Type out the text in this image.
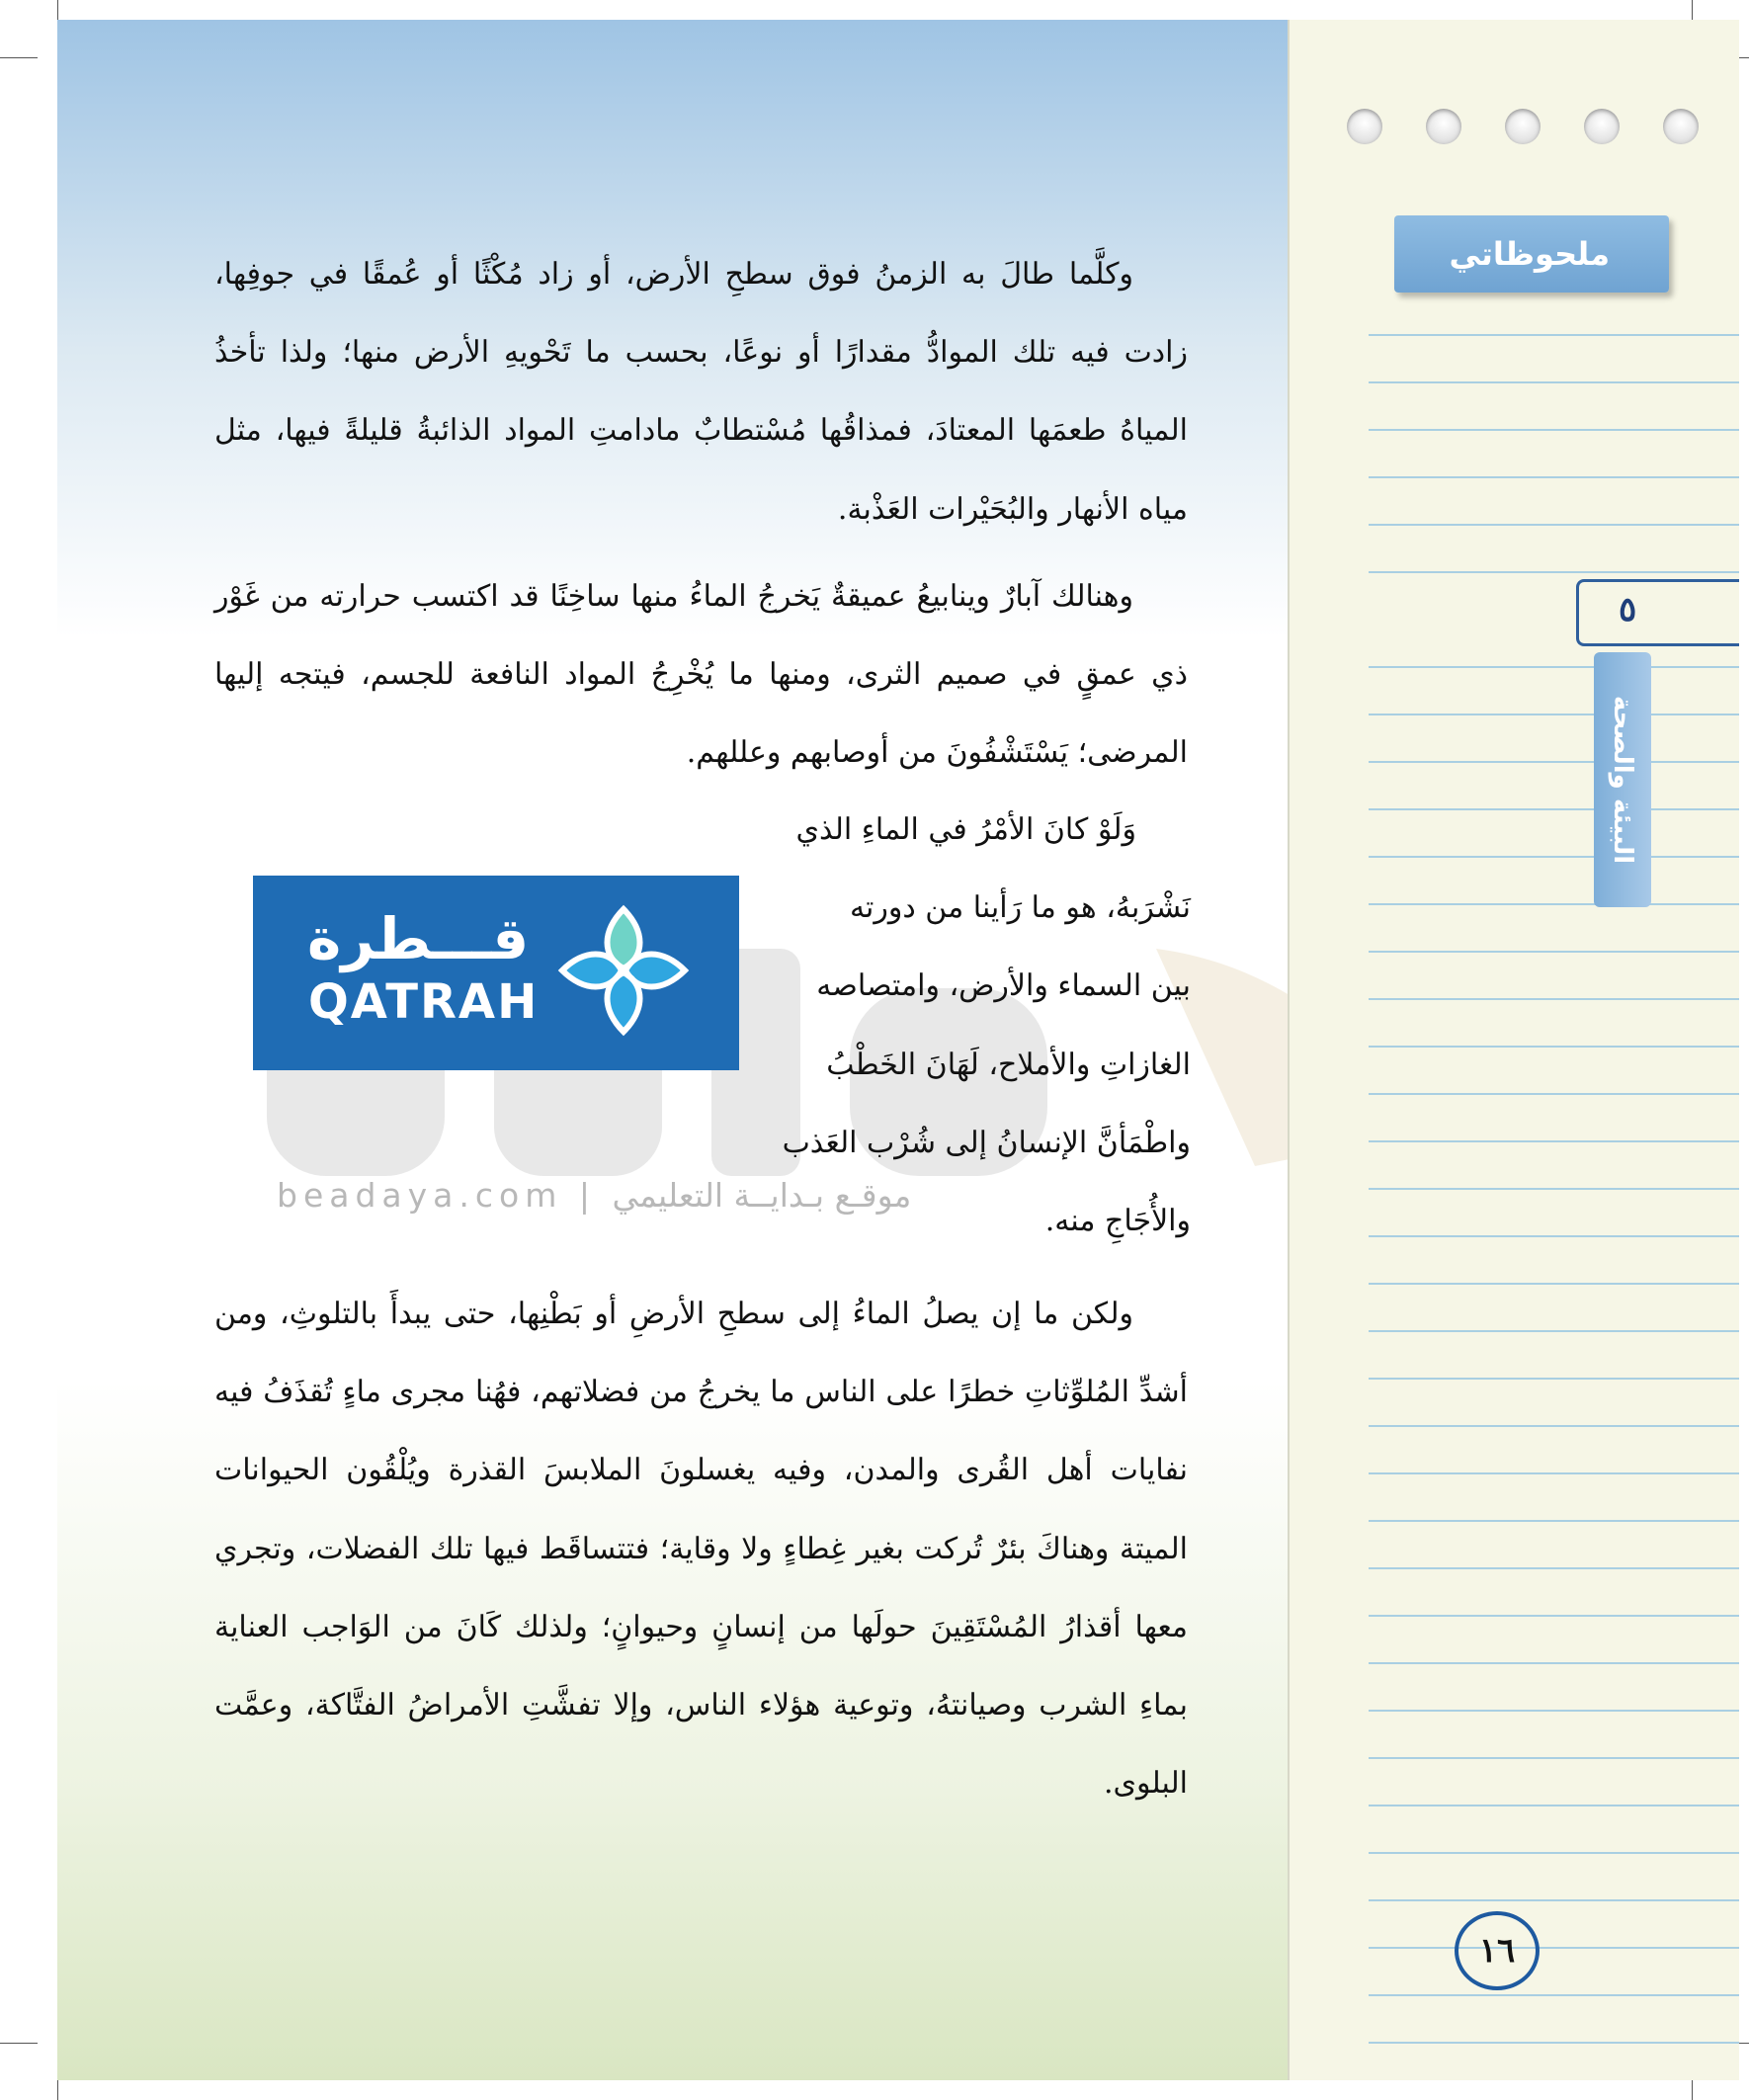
beadaya.com | موقـع بـدايــة التعليمي
ملحوظاتي
٥
البيئة والصحة
١٦

وكلَّما طالَ به الزمنُ فوق سطحِ الأرض، أو زاد مُكْثًا أو عُمقًا في جوفِها، زادت فيه تلك الموادُّ مقدارًا أو نوعًا، بحسب ما تَحْويهِ الأرض منها؛ ولذا تأخذُ المياهُ طعمَها المعتادَ، فمذاقُها مُسْتطابٌ مادامتِ المواد الذائبةُ قليلةً فيها، مثل مياه الأنهار والبُحَيْرات العَذْبة.

وهنالك آبارٌ وينابيعُ عميقةٌ يَخرجُ الماءُ منها ساخِنًا قد اكتسب حرارته من غَوْر ذي عمقٍ في صميم الثرى، ومنها ما يُخْرِجُ المواد النافعة للجسم، فيتجه إليها المرضى؛ يَسْتَشْفُونَ من أوصابهم وعللهم.

وَلَوْ كانَ الأمْرُ في الماءِ الذي
نَشْرَبهُ، هو ما رَأينا من دورته
بين السماء والأرض، وامتصاصه
الغازاتِ والأملاح، لَهَانَ الخَطْبُ
واطْمَأنَّ الإنسانُ إلى شُرْب العَذب
والأُجَاجِ منه.
قـــطرة
QATRAH

ولكن ما إن يصلُ الماءُ إلى سطحِ الأرضِ أو بَطْنِها، حتى يبدأَ بالتلوثِ، ومن أشدِّ المُلوِّثاتِ خطرًا على الناس ما يخرجُ من فضلاتهم، فهُنا مجرى ماءٍ تُقذَفُ فيه نفايات أهل القُرى والمدن، وفيه يغسلونَ الملابسَ القذرة ويُلْقُون الحيوانات الميتة وهناكَ بئرٌ تُركت بغير غِطاءٍ ولا وقاية؛ فتتساقَط فيها تلك الفضلات، وتجري معها أقذارُ المُسْتَقِينَ حولَها من إنسانٍ وحيوانٍ؛ ولذلك كَانَ من الوَاجب العناية بماءِ الشرب وصيانتهُ، وتوعية هؤلاء الناس، وإلا تفشَّتِ الأمراضُ الفتَّاكة، وعمَّت البلوى.
